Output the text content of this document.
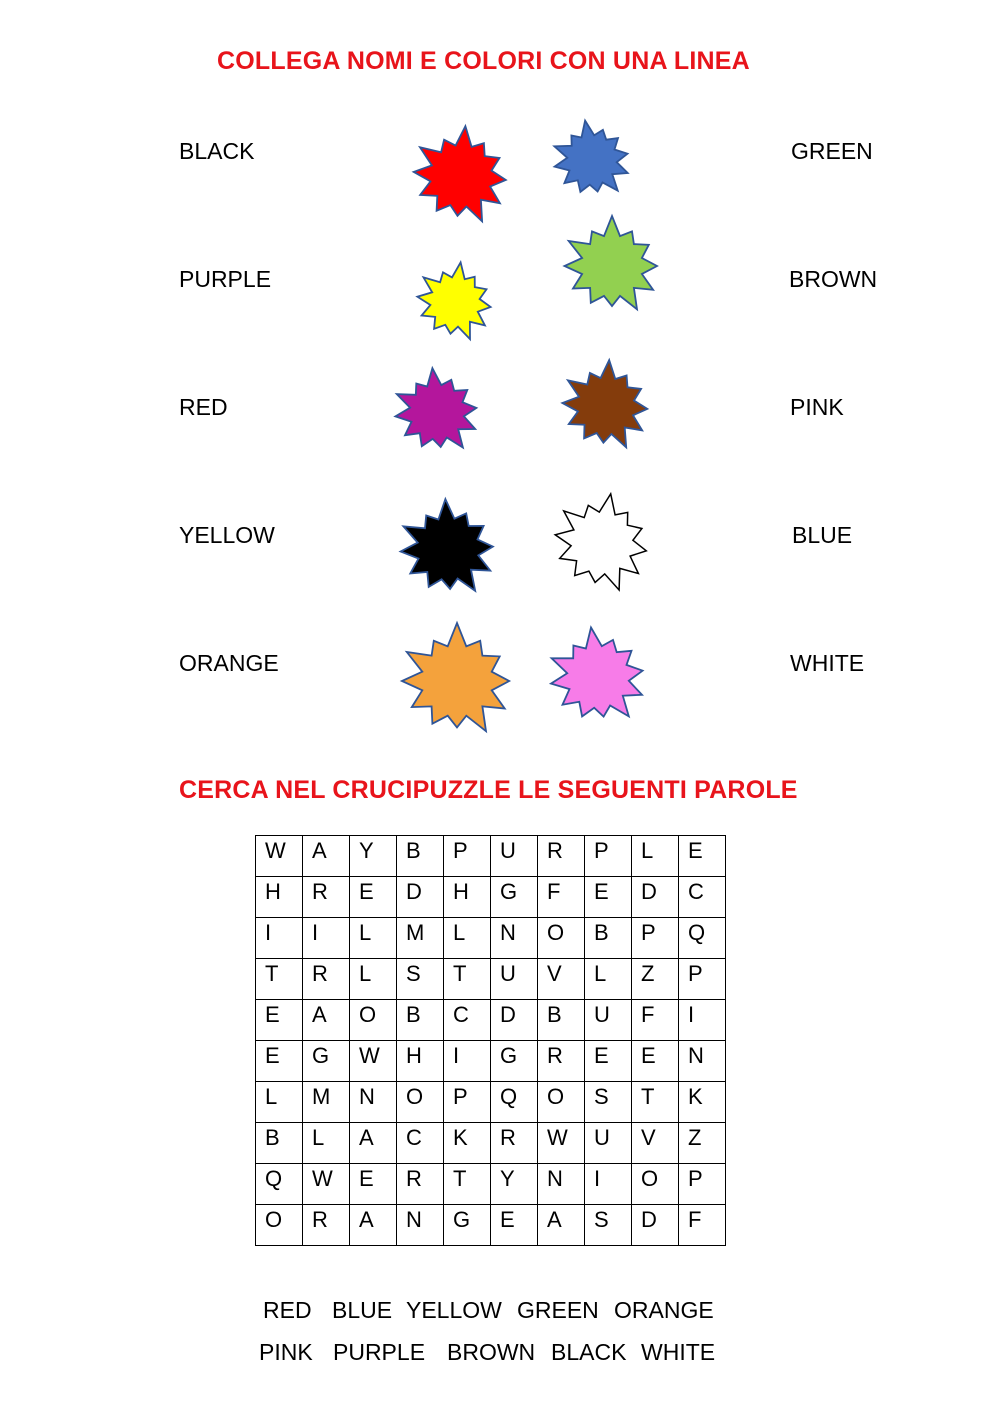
COLLEGA NOMI E COLORI CON UNA LINEA
BLACK
PURPLE
RED
YELLOW
ORANGE
GREEN
BROWN
PINK
BLUE
WHITE
CERCA NEL CRUCIPUZZLE LE SEGUENTI PAROLE
W	A	Y	B	P	U	R	P	L	E
H	R	E	D	H	G	F	E	D	C
I	I	L	M	L	N	O	B	P	Q
T	R	L	S	T	U	V	L	Z	P
E	A	O	B	C	D	B	U	F	I
E	G	W	H	I	G	R	E	E	N
L	M	N	O	P	Q	O	S	T	K
B	L	A	C	K	R	W	U	V	Z
Q	W	E	R	T	Y	N	I	O	P
O	R	A	N	G	E	A	S	D	F
RED BLUE YELLOW GREEN ORANGE
PINK PURPLE BROWN BLACK WHITE
